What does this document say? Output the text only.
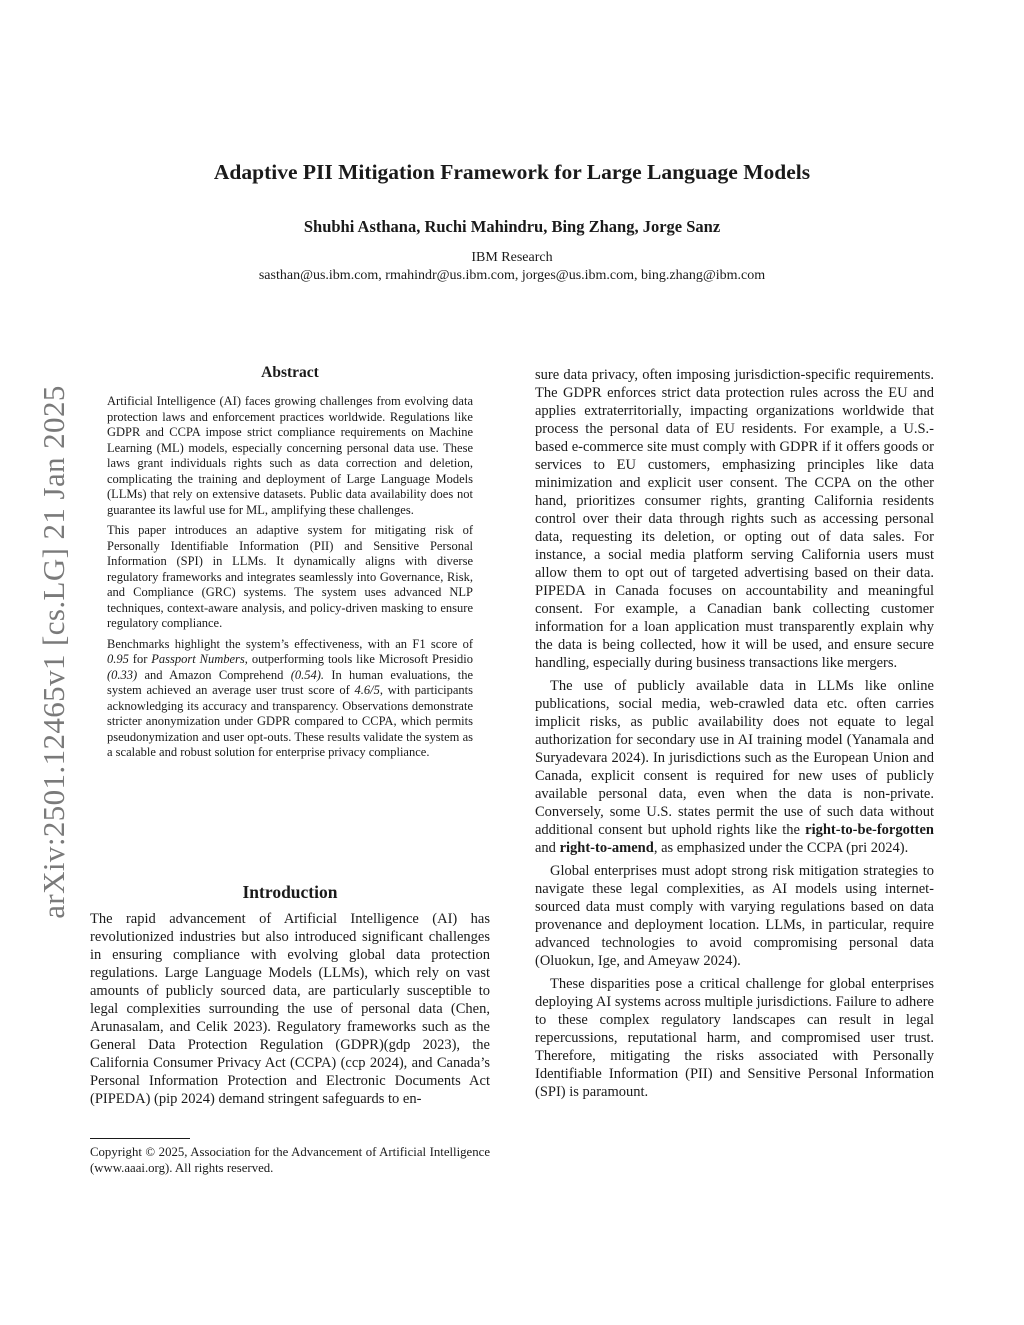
Adaptive PII Mitigation Framework for Large Language Models
Shubhi Asthana, Ruchi Mahindru, Bing Zhang, Jorge Sanz
IBM Research
sasthan@us.ibm.com, rmahindr@us.ibm.com, jorges@us.ibm.com, bing.zhang@ibm.com
arXiv:2501.12465v1 [cs.LG] 21 Jan 2025
Abstract

Artificial Intelligence (AI) faces growing challenges from evolving data protection laws and enforcement practices worldwide. Regulations like GDPR and CCPA impose strict compliance requirements on Machine Learning (ML) models, especially concerning personal data use. These laws grant individuals rights such as data correction and deletion, complicating the training and deployment of Large Language Models (LLMs) that rely on extensive datasets. Public data availability does not guarantee its lawful use for ML, amplifying these challenges.

This paper introduces an adaptive system for mitigating risk of Personally Identifiable Information (PII) and Sensitive Personal Information (SPI) in LLMs. It dynamically aligns with diverse regulatory frameworks and integrates seamlessly into Governance, Risk, and Compliance (GRC) systems. The system uses advanced NLP techniques, context-aware analysis, and policy-driven masking to ensure regulatory compliance.

Benchmarks highlight the system’s effectiveness, with an F1 score of 0.95 for Passport Numbers, outperforming tools like Microsoft Presidio (0.33) and Amazon Comprehend (0.54). In human evaluations, the system achieved an average user trust score of 4.6/5, with participants acknowledging its accuracy and transparency. Observations demonstrate stricter anonymization under GDPR compared to CCPA, which permits pseudonymization and user opt-outs. These results validate the system as a scalable and robust solution for enterprise privacy compliance.

Introduction

The rapid advancement of Artificial Intelligence (AI) has revolutionized industries but also introduced significant challenges in ensuring compliance with evolving global data protection regulations. Large Language Models (LLMs), which rely on vast amounts of publicly sourced data, are particularly susceptible to legal complexities surrounding the use of personal data (Chen, Arunasalam, and Celik 2023). Regulatory frameworks such as the General Data Protection Regulation (GDPR)(gdp 2023), the California Consumer Privacy Act (CCPA) (ccp 2024), and Canada’s Personal Information Protection and Electronic Documents Act (PIPEDA) (pip 2024) demand stringent safeguards to en-

Copyright © 2025, Association for the Advancement of Artificial Intelligence (www.aaai.org). All rights reserved.

sure data privacy, often imposing jurisdiction-specific requirements. The GDPR enforces strict data protection rules across the EU and applies extraterritorially, impacting organizations worldwide that process the personal data of EU residents. For example, a U.S.-based e-commerce site must comply with GDPR if it offers goods or services to EU customers, emphasizing principles like data minimization and explicit user consent. The CCPA on the other hand, prioritizes consumer rights, granting California residents control over their data through rights such as accessing personal data, requesting its deletion, or opting out of data sales. For instance, a social media platform serving California users must allow them to opt out of targeted advertising based on their data. PIPEDA in Canada focuses on accountability and meaningful consent. For example, a Canadian bank collecting customer information for a loan application must transparently explain why the data is being collected, how it will be used, and ensure secure handling, especially during business transactions like mergers.

The use of publicly available data in LLMs like online publications, social media, web-crawled data etc. often carries implicit risks, as public availability does not equate to legal authorization for secondary use in AI training model (Yanamala and Suryadevara 2024). In jurisdictions such as the European Union and Canada, explicit consent is required for new uses of publicly available personal data, even when the data is non-private. Conversely, some U.S. states permit the use of such data without additional consent but uphold rights like the right-to-be-forgotten and right-to-amend, as emphasized under the CCPA (pri 2024).

Global enterprises must adopt strong risk mitigation strategies to navigate these legal complexities, as AI models using internet-sourced data must comply with varying regulations based on data provenance and deployment location. LLMs, in particular, require advanced technologies to avoid compromising personal data (Oluokun, Ige, and Ameyaw 2024).

These disparities pose a critical challenge for global enterprises deploying AI systems across multiple jurisdictions. Failure to adhere to these complex regulatory landscapes can result in legal repercussions, reputational harm, and compromised user trust. Therefore, mitigating the risks associated with Personally Identifiable Information (PII) and Sensitive Personal Information (SPI) is paramount.
